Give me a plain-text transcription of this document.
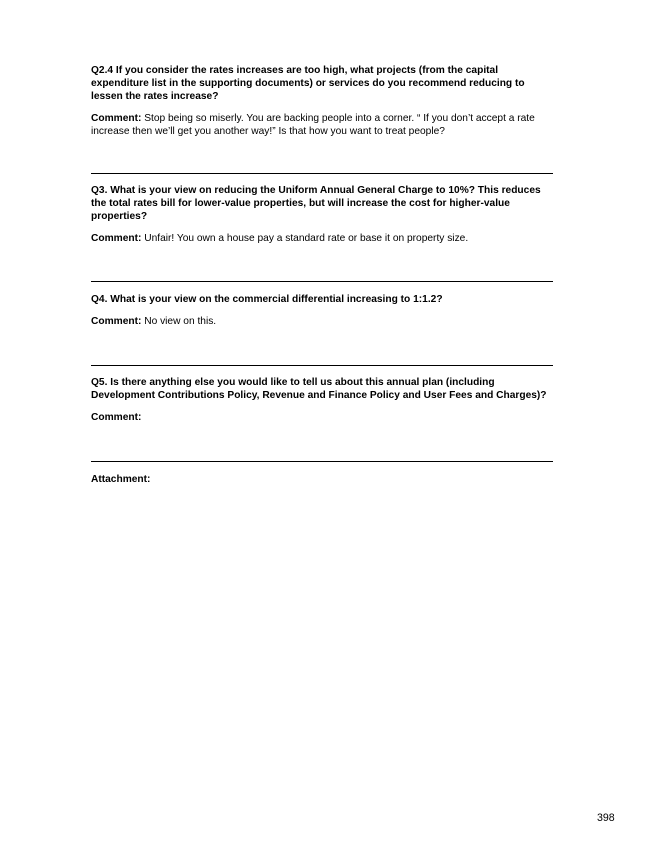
Q2.4 If you consider the rates increases are too high, what projects (from the capital expenditure list in the supporting documents) or services do you recommend reducing to lessen the rates increase?

Comment: Stop being so miserly. You are backing people into a corner. “ If you don’t accept a rate increase then we’ll get you another way!” Is that how you want to treat people?

Q3. What is your view on reducing the Uniform Annual General Charge to 10%? This reduces the total rates bill for lower-value properties, but will increase the cost for higher-value properties?

Comment: Unfair! You own a house pay a standard rate or base it on property size.

Q4. What is your view on the commercial differential increasing to 1:1.2?

Comment: No view on this.

Q5. Is there anything else you would like to tell us about this annual plan (including Development Contributions Policy, Revenue and Finance Policy and User Fees and Charges)?

Comment:

Attachment:
398
